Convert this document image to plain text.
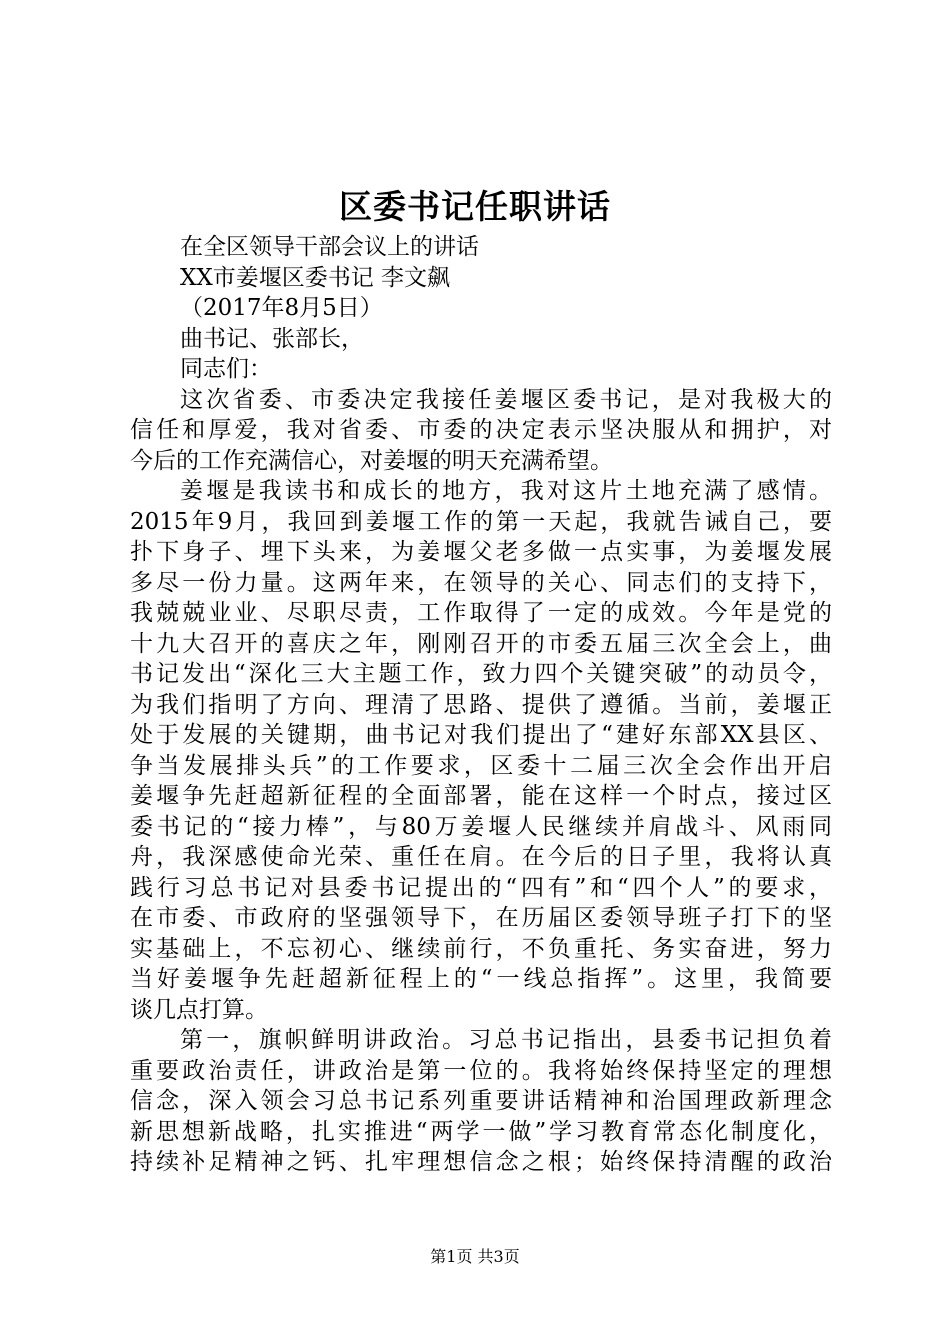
区委书记任职讲话
在全区领导干部会议上的讲话
XX市姜堰区委书记 李文飙
（2017年8月5日）
曲书记、张部长，
同志们：
这次省委、市委决定我接任姜堰区委书记，是对我极大的
信任和厚爱，我对省委、市委的决定表示坚决服从和拥护，对
今后的工作充满信心，对姜堰的明天充满希望。
姜堰是我读书和成长的地方，我对这片土地充满了感情。
2015年9月，我回到姜堰工作的第一天起，我就告诫自己，要
扑下身子、埋下头来，为姜堰父老多做一点实事，为姜堰发展
多尽一份力量。这两年来，在领导的关心、同志们的支持下，
我兢兢业业、尽职尽责，工作取得了一定的成效。今年是党的
十九大召开的喜庆之年，刚刚召开的市委五届三次全会上，曲
书记发出“深化三大主题工作，致力四个关键突破”的动员令，
为我们指明了方向、理清了思路、提供了遵循。当前，姜堰正
处于发展的关键期，曲书记对我们提出了“建好东部XX县区、
争当发展排头兵”的工作要求，区委十二届三次全会作出开启
姜堰争先赶超新征程的全面部署，能在这样一个时点，接过区
委书记的“接力棒”，与80万姜堰人民继续并肩战斗、风雨同
舟，我深感使命光荣、重任在肩。在今后的日子里，我将认真
践行习总书记对县委书记提出的“四有”和“四个人”的要求，
在市委、市政府的坚强领导下，在历届区委领导班子打下的坚
实基础上，不忘初心、继续前行，不负重托、务实奋进，努力
当好姜堰争先赶超新征程上的“一线总指挥”。这里，我简要
谈几点打算。
第一，旗帜鲜明讲政治。习总书记指出，县委书记担负着
重要政治责任，讲政治是第一位的。我将始终保持坚定的理想
信念，深入领会习总书记系列重要讲话精神和治国理政新理念
新思想新战略，扎实推进“两学一做”学习教育常态化制度化，
持续补足精神之钙、扎牢理想信念之根；始终保持清醒的政治
第1页 共3页
